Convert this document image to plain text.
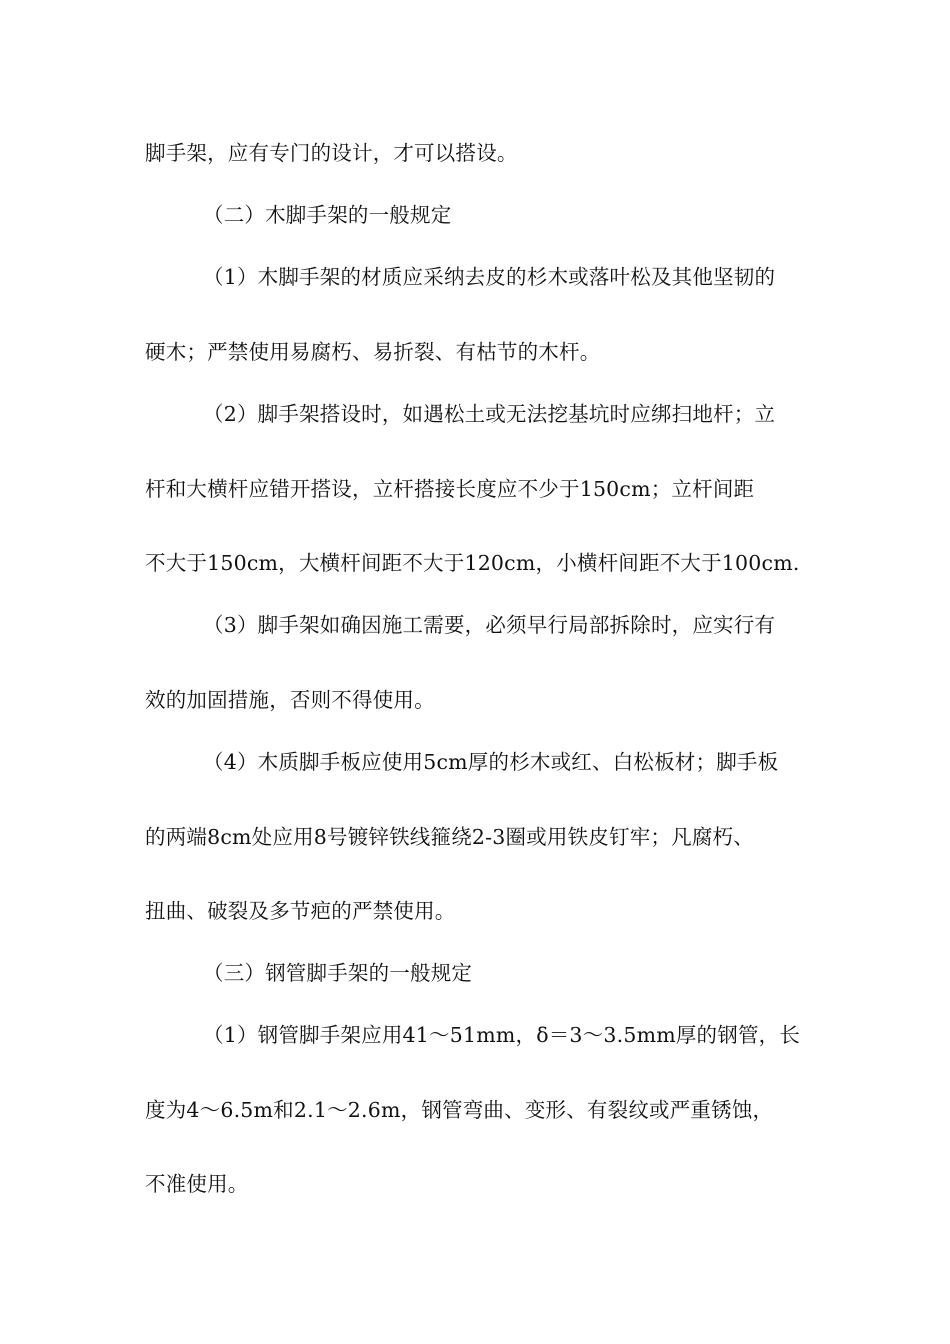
脚手架，应有专门的设计，才可以搭设。
（二）木脚手架的一般规定
（1）木脚手架的材质应采纳去皮的杉木或落叶松及其他坚韧的
硬木；严禁使用易腐朽、易折裂、有枯节的木杆。
（2）脚手架搭设时，如遇松土或无法挖基坑时应绑扫地杆；立
杆和大横杆应错开搭设，立杆搭接长度应不少于150cm；立杆间距
不大于150cm，大横杆间距不大于120cm，小横杆间距不大于100cm.
（3）脚手架如确因施工需要，必须早行局部拆除时，应实行有
效的加固措施，否则不得使用。
（4）木质脚手板应使用5cm厚的杉木或红、白松板材；脚手板
的两端8cm处应用8号镀锌铁线箍绕2-3圈或用铁皮钉牢；凡腐朽、
扭曲、破裂及多节疤的严禁使用。
（三）钢管脚手架的一般规定
（1）钢管脚手架应用41～51mm，δ＝3～3.5mm厚的钢管，长
度为4～6.5m和2.1～2.6m，钢管弯曲、变形、有裂纹或严重锈蚀，
不准使用。
